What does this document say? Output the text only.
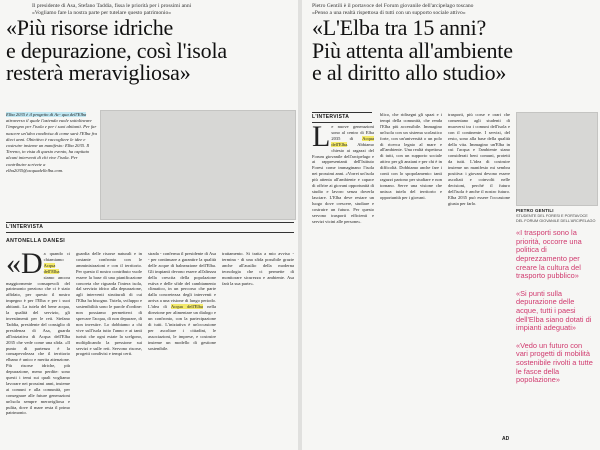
Il presidente di Asa, Stefano Taddia, fissa le priorità per i prossimi anni
«Vogliamo fare la nostra parte per tutelare questo patrimonio»
«Più risorse idriche
e depurazione, così l'isola
resterà meravigliosa»
Elba 2035 è il progetto di Ac- qua dell'Elba attraverso il quale l'azienda vuole sottolineare l'impegno per l'isola e per i suoi abitanti. Per far nascere un'idea condivisa di come sarà l'Elba fra dieci anni. Obiettivo è raccogliere le idee e costruire insieme un manifesto: Elba 2035. Il Tirreno, in vista di questo evento, ha ospitato alcuni interventi di chi vive l'isola. Per contribuire scrivete a elba2035@acquadellelba.com.
L'INTERVISTA
ANTONELLA DANESI
«Da quando ci chiamiamo Acqua dell'Elba siamo ancora maggiormente consapevoli del patrimonio prezioso che ci è stato affidato, per questo il nostro impegno è per l'Elba e per i suoi abitanti. La tutela del bene acqua, la qualità del servizio, gli investimenti per le reti. Stefano Taddia, presidente del consiglio di presidenza di Asa, guarda all'iniziativa di Acqua dell'Elba 2035 che vede come una sfida. «Il punto di partenza è la consapevolezza che il territorio elbano è unico e merita attenzione. Più risorse idriche, più depurazione, meno perdite: sono questi i temi sui quali vogliamo lavorare nei prossimi anni, insieme ai comuni e alla comunità, per consegnare alle future generazioni un'isola sempre meravigliosa e pulita, dove il mare resta il primo patrimonio.
guardia delle risorse naturali e in costante confronto con le amministrazioni e con il territorio. Per questo il nostro contributo vuole essere la base di una pianificazione concreta che riguarda l'intera isola, dal servizio idrico alla depurazione, agli interventi strutturali di cui l'Elba ha bisogno. Tutela, sviluppo e sostenibilità sono le parole d'ordine: non possiamo permetterci di sprecare l'acqua, di non depurare, di non investire. Lo dobbiamo a chi vive sull'isola tutto l'anno e ai tanti turisti che ogni estate la scelgono, moltiplicando la pressione sui servizi e sulle reti. Servono risorse, progetti condivisi e tempi certi.
strada - conferma il presidente di Asa - per continuare a garantire la qualità delle acque di balneazione dell'Elba. Gli impianti devono essere all'altezza della crescita della popolazione estiva e delle sfide del cambiamento climatico, in un percorso che parte dalla concretezza degli interventi e arriva a una visione di lungo periodo. L'idea di Acqua dell'Elba nella direzione per alimentare un dialogo e un confronto, con la partecipazione di tutti. L'iniziativa è un'occasione per ascoltare i cittadini, le associazioni, le imprese, e costruire insieme un modello di gestione sostenibile.
trattamento. Si tratta a mio avviso - termina - di una sfida possibile grazie anche all'ausilio della moderna tecnologia che ci permette di monitorare sicurezza e ambiente. Asa farà la sua parte».
Pietro Gentili è il portavoce del Forum giovanile dell'arcipelago toscano
«Penso a una realtà rispettosa di tutti con un supporto sociale attivo»
«L'Elba tra 15 anni?
Più attenta all'ambiente
e al diritto allo studio»
L'INTERVISTA
Le nuove generazioni sono al centro di Elba 2035 di Acqua dell'Elba. Abbiamo chiesto ai ragazzi del Forum giovanile dell'arcipelago e ai rappresentanti dell'Istituto Foresi come immaginano l'isola nei prossimi anni. «Vorrei un'isola più attenta all'ambiente e capace di offrire ai giovani opportunità di studio e lavoro senza doverla lasciare. L'Elba deve restare un luogo dove crescere, studiare e costruire un futuro. Per questo servono trasporti efficienti e servizi vicini alle persone».
blico, che ridisegni gli spazi e i tempi della comunità, che renda l'Elba più accessibile. Immagino un'isola con un sistema scolastico forte, con un'università o un polo di ricerca legato al mare e all'ambiente. Una realtà rispettosa di tutti, con un supporto sociale attivo per gli anziani e per chi è in difficoltà. Dobbiamo anche fare i conti con lo spopolamento: tanti ragazzi partono per studiare e non tornano. Serve una visione che unisca tutela del territorio e opportunità per i giovani.
trasporti, più corse e orari che consentano agli studenti di muoversi tra i comuni dell'isola e con il continente. I servizi, del resto, sono alla base della qualità della vita. Immagino un'Elba in cui l'acqua e l'ambiente siano considerati beni comuni, protetti da tutti. L'idea di costruire insieme un manifesto mi sembra positiva: i giovani devono essere ascoltati e coinvolti nelle decisioni, perché il futuro dell'isola è anche il nostro futuro. Elba 2035 può essere l'occasione giusta per farlo.
AD
PIETRO GENTILI
STUDENTE DEL FORESI E PORTAVOCE DEL FORUM GIOVANILE DELL'ARCIPELAGO
«I trasporti sono la priorità, occorre una politica di deprezzamento per creare la cultura del trasporto pubblico»
«Si punti sulla depurazione delle acque, tutti i paesi dell'Elba siano dotati di impianti adeguati»
«Vedo un futuro con vari progetti di mobilità sostenibile rivolti a tutte le fasce della popolazione»
